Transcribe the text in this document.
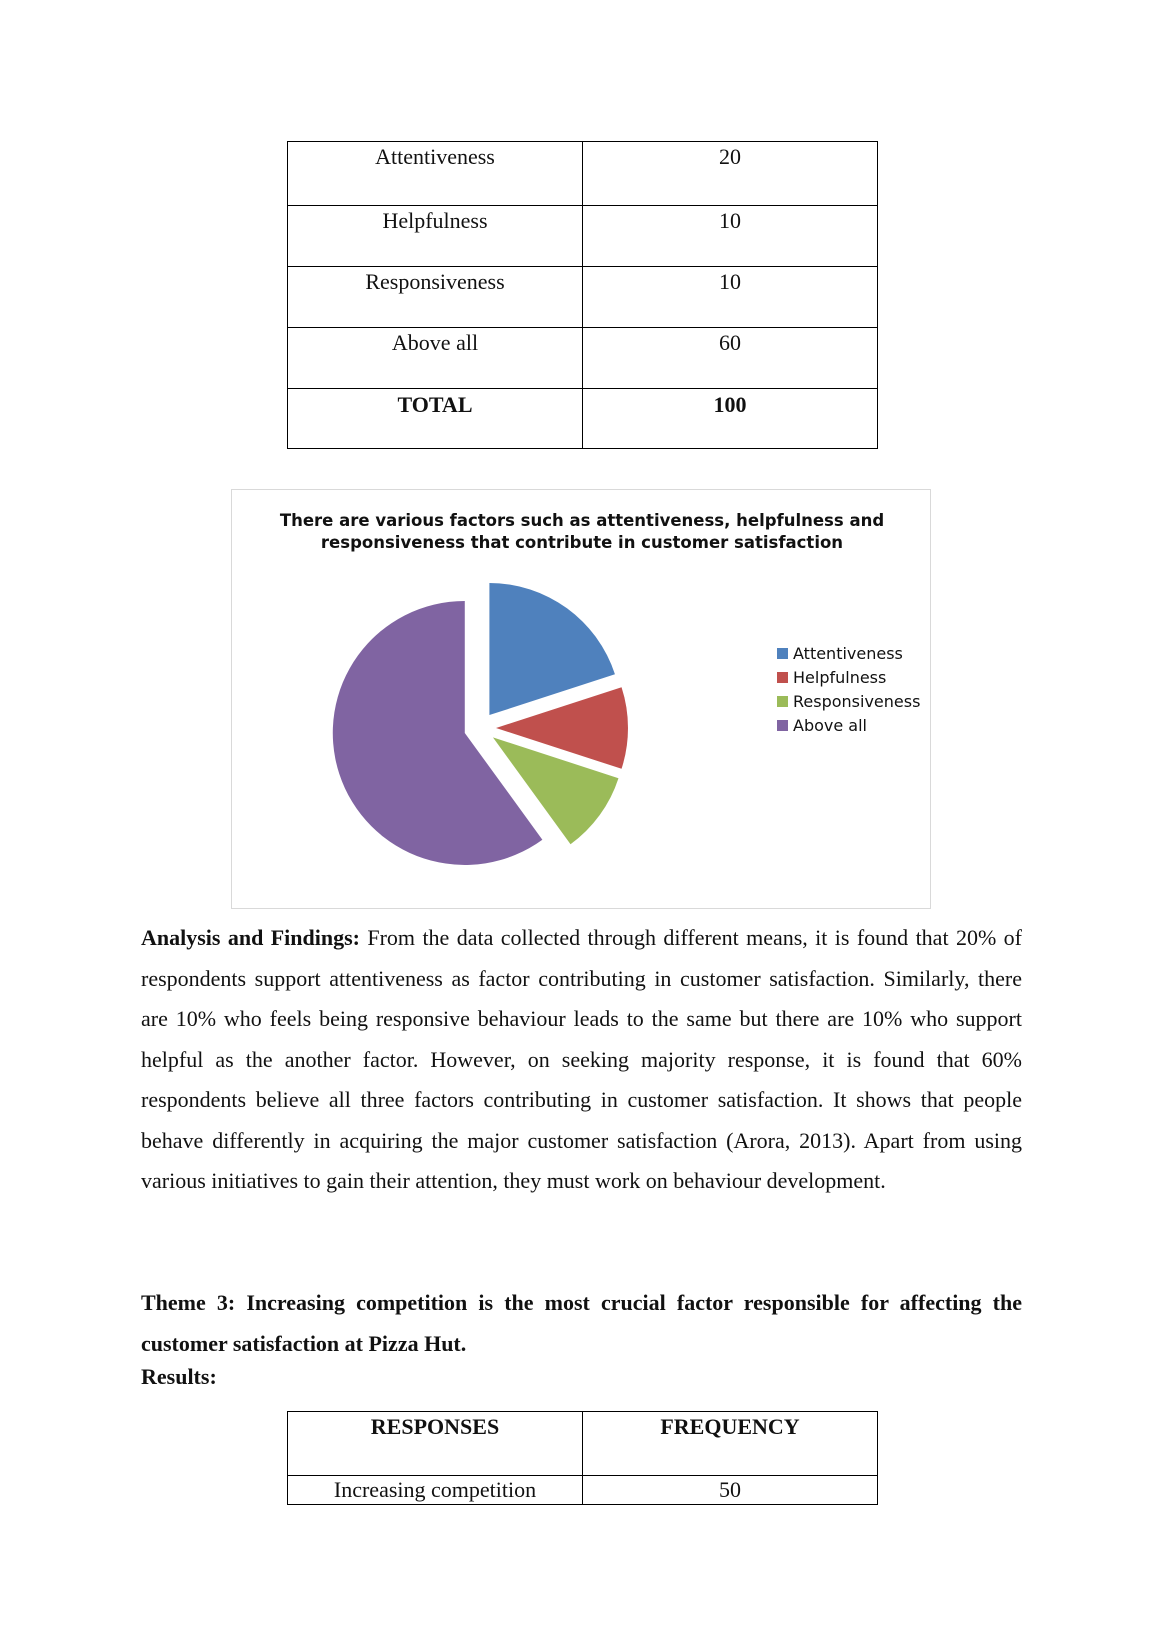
Attentiveness	20

Helpfulness	10

Responsiveness	10

Above all	60

TOTAL	100
There are various factors such as attentiveness, helpfulness and
responsiveness that contribute in customer satisfaction
Attentiveness
Helpfulness
Responsiveness
Above all

Analysis and Findings: From the data collected through different means, it is found that 20% of respondents support attentiveness as factor contributing in customer satisfaction. Similarly, there are 10% who feels being responsive behaviour leads to the same but there are 10% who support helpful as the another factor. However, on seeking majority response, it is found that 60% respondents believe all three factors contributing in customer satisfaction. It shows that people behave differently in acquiring the major customer satisfaction (Arora, 2013). Apart from using various initiatives to gain their attention, they must work on behaviour development.

Theme 3: Increasing competition is the most crucial factor responsible for affecting the customer satisfaction at Pizza Hut.

Results:

RESPONSES	FREQUENCY

Increasing competition	50
